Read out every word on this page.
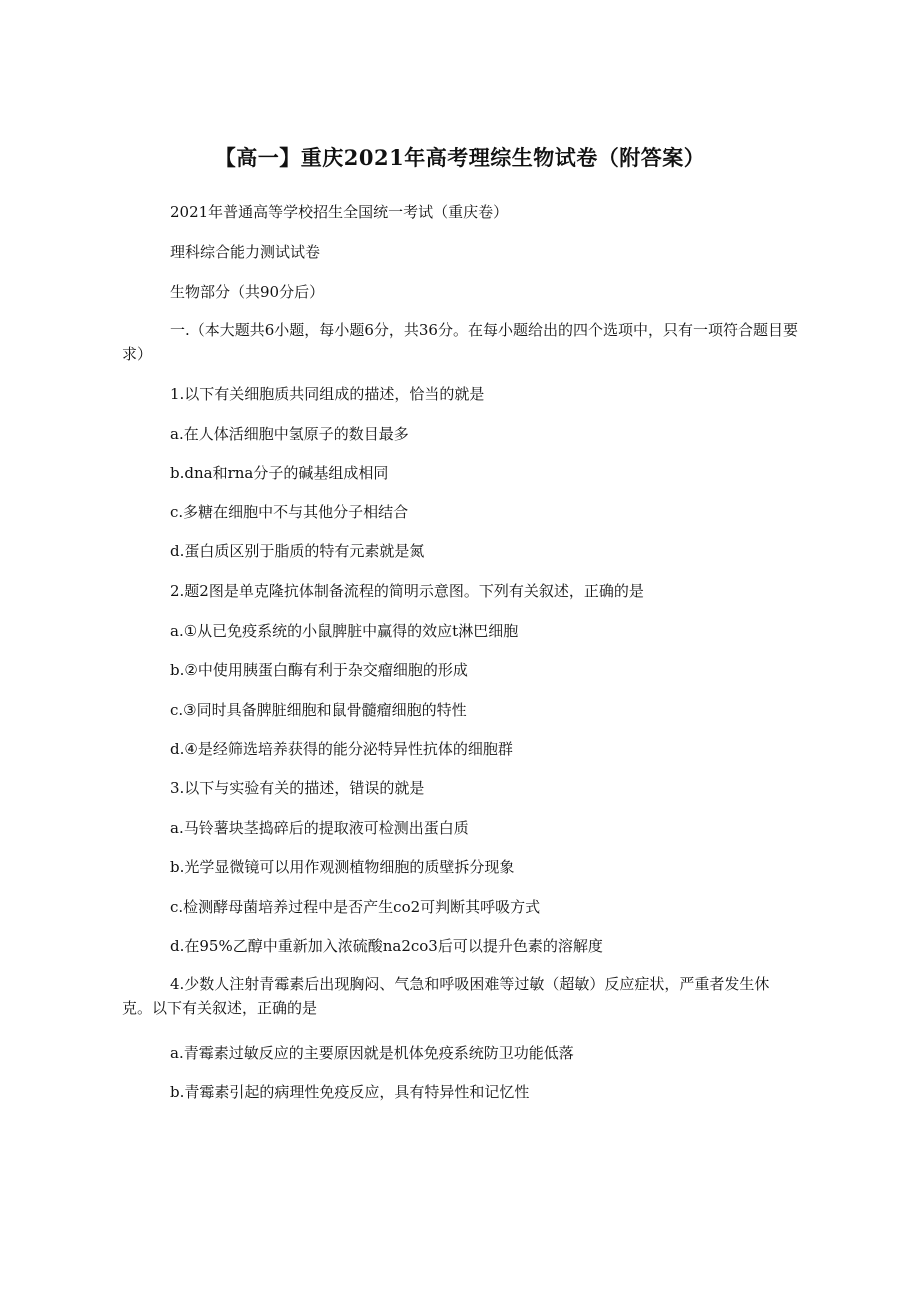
【高一】重庆2021年高考理综生物试卷（附答案）
2021年普通高等学校招生全国统一考试（重庆卷）
理科综合能力测试试卷
生物部分（共90分后）
一.（本大题共6小题，每小题6分，共36分。在每小题给出的四个选项中，只有一项符合题目要求）
1.以下有关细胞质共同组成的描述，恰当的就是
a.在人体活细胞中氢原子的数目最多
b.dna和rna分子的碱基组成相同
c.多糖在细胞中不与其他分子相结合
d.蛋白质区别于脂质的特有元素就是氮
2.题2图是单克隆抗体制备流程的简明示意图。下列有关叙述，正确的是
a.①从已免疫系统的小鼠脾脏中赢得的效应t淋巴细胞
b.②中使用胰蛋白酶有利于杂交瘤细胞的形成
c.③同时具备脾脏细胞和鼠骨髓瘤细胞的特性
d.④是经筛选培养获得的能分泌特异性抗体的细胞群
3.以下与实验有关的描述，错误的就是
a.马铃薯块茎捣碎后的提取液可检测出蛋白质
b.光学显微镜可以用作观测植物细胞的质壁拆分现象
c.检测酵母菌培养过程中是否产生co2可判断其呼吸方式
d.在95%乙醇中重新加入浓硫酸na2co3后可以提升色素的溶解度
4.少数人注射青霉素后出现胸闷、气急和呼吸困难等过敏（超敏）反应症状，严重者发生休克。以下有关叙述，正确的是
a.青霉素过敏反应的主要原因就是机体免疫系统防卫功能低落
b.青霉素引起的病理性免疫反应，具有特异性和记忆性
